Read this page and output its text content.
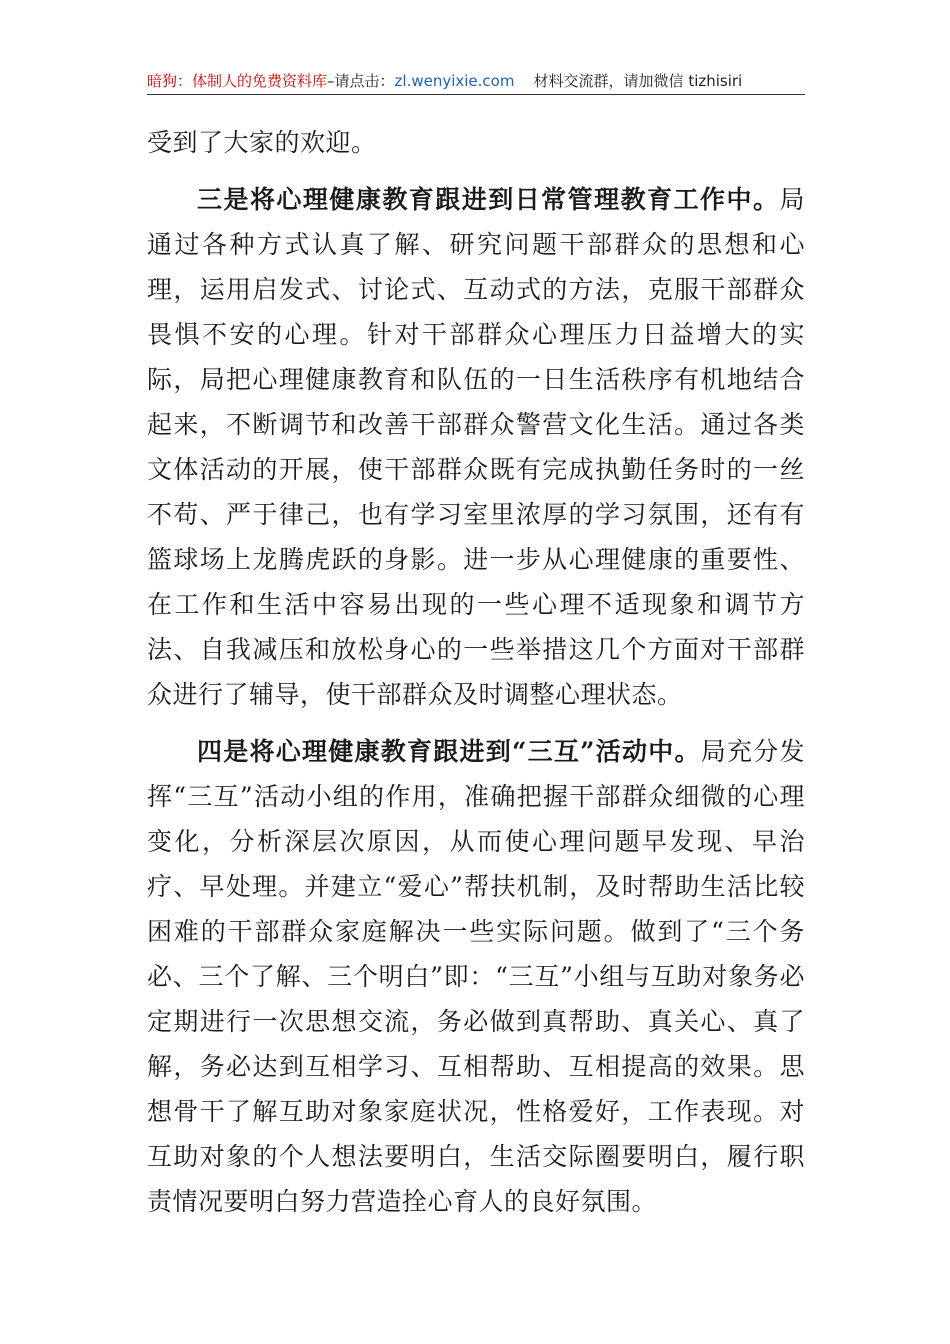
暗狗：体制人的免费资料库–请点击：zl.wenyixie.com 材料交流群，请加微信 tizhisiri

受到了大家的欢迎。

三是将心理健康教育跟进到日常管理教育工作中。局通过各种方式认真了解、研究问题干部群众的思想和心理，运用启发式、讨论式、互动式的方法，克服干部群众畏惧不安的心理。针对干部群众心理压力日益增大的实际，局把心理健康教育和队伍的一日生活秩序有机地结合起来，不断调节和改善干部群众警营文化生活。通过各类文体活动的开展，使干部群众既有完成执勤任务时的一丝不苟、严于律己，也有学习室里浓厚的学习氛围，还有有篮球场上龙腾虎跃的身影。进一步从心理健康的重要性、在工作和生活中容易出现的一些心理不适现象和调节方法、自我减压和放松身心的一些举措这几个方面对干部群众进行了辅导，使干部群众及时调整心理状态。

四是将心理健康教育跟进到“三互”活动中。局充分发挥“三互”活动小组的作用，准确把握干部群众细微的心理变化，分析深层次原因，从而使心理问题早发现、早治疗、早处理。并建立“爱心”帮扶机制，及时帮助生活比较困难的干部群众家庭解决一些实际问题。做到了“三个务必、三个了解、三个明白”即：“三互”小组与互助对象务必定期进行一次思想交流，务必做到真帮助、真关心、真了解，务必达到互相学习、互相帮助、互相提高的效果。思想骨干了解互助对象家庭状况，性格爱好，工作表现。对互助对象的个人想法要明白，生活交际圈要明白，履行职责情况要明白努力营造拴心育人的良好氛围。
